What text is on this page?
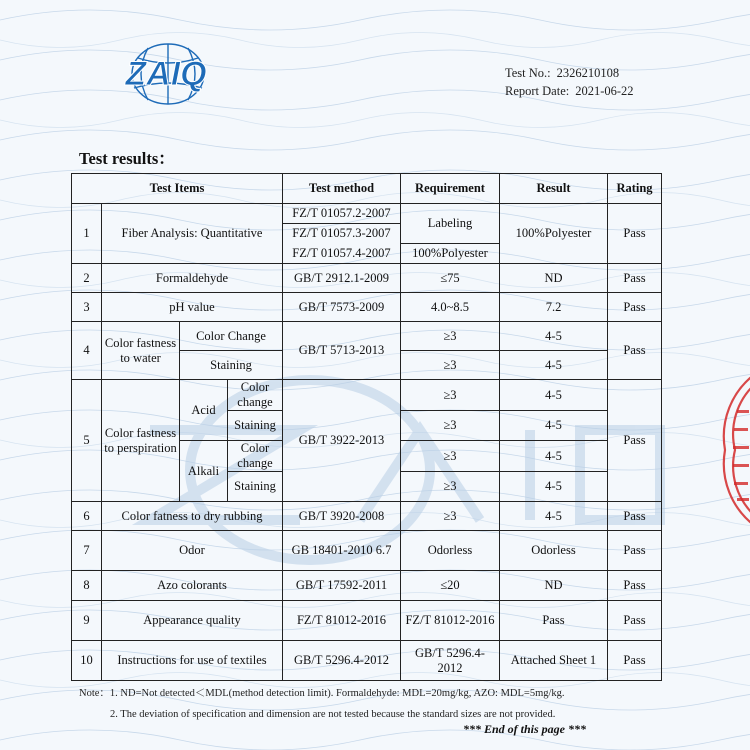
ZAIQ	Test No.: 2326210108
Report Date: 2021-06-22
Test results：
Test Items				Test method	Requirement	Result	Rating
1	Fiber Analysis: Quantitative			FZ/T 01057.2-2007	Labeling	100%Polyester	Pass
				FZ/T 01057.3-2007			
				FZ/T 01057.4-2007	100%Polyester		
2	Formaldehyde			GB/T 2912.1-2009	≤75	ND	Pass
3	pH value			GB/T 7573-2009	4.0~8.5	7.2	Pass
4	Color fastness to water	Color Change		GB/T 5713-2013	≥3	4-5	Pass
		Staining			≥3	4-5	
5	Color fastness to perspiration	Acid	Color change	GB/T 3922-2013	≥3	4-5	Pass
			Staining		≥3	4-5	
		Alkali	Color change		≥3	4-5	
			Staining		≥3	4-5	
6	Color fatness to dry rubbing			GB/T 3920-2008	≥3	4-5	Pass
7	Odor			GB 18401-2010 6.7	Odorless	Odorless	Pass
8	Azo colorants			GB/T 17592-2011	≤20	ND	Pass
9	Appearance quality			FZ/T 81012-2016	FZ/T 81012-2016	Pass	Pass
10	Instructions for use of textiles			GB/T 5296.4-2012	GB/T 5296.4-2012	Attached Sheet 1	Pass
Note：1. ND=Not detected＜MDL(method detection limit). Formaldehyde: MDL=20mg/kg, AZO: MDL=5mg/kg.
2. The deviation of specification and dimension are not tested because the standard sizes are not provided.
*** End of this page ***
